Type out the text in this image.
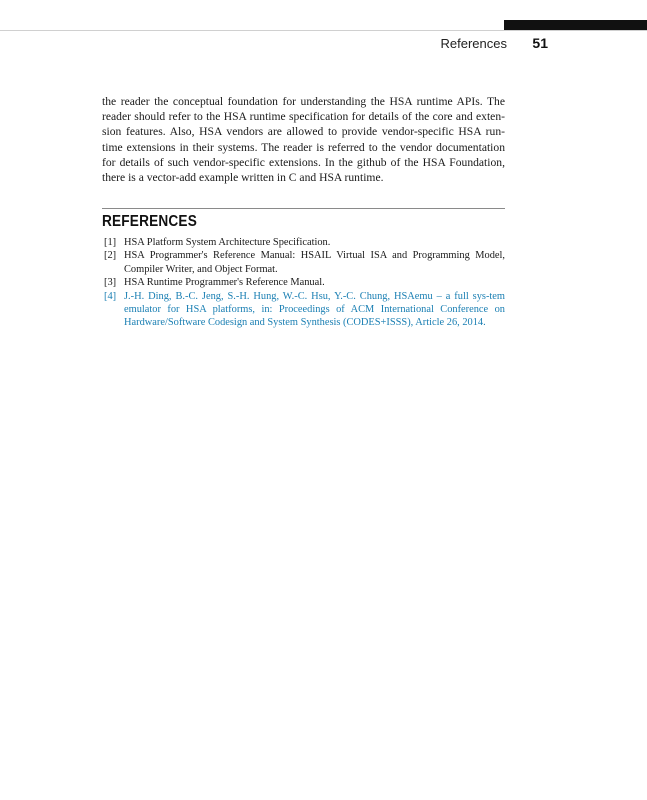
References 51

the reader the conceptual foundation for understanding the HSA runtime APIs. The
reader should refer to the HSA runtime specification for details of the core and exten-
sion features. Also, HSA vendors are allowed to provide vendor-specific HSA run-
time extensions in their systems. The reader is referred to the vendor documentation
for details of such vendor-specific extensions. In the github of the HSA Foundation,
there is a vector-add example written in C and HSA runtime.

REFERENCES
[1] HSA Platform System Architecture Specification.
[2] HSA Programmer's Reference Manual: HSAIL Virtual ISA and Programming Model, Compiler Writer, and Object Format.
[3] HSA Runtime Programmer's Reference Manual.
[4] J.-H. Ding, B.-C. Jeng, S.-H. Hung, W.-C. Hsu, Y.-C. Chung, HSAemu – a full sys-tem emulator for HSA platforms, in: Proceedings of ACM International Conference on Hardware/Software Codesign and System Synthesis (CODES+ISSS), Article 26, 2014.
